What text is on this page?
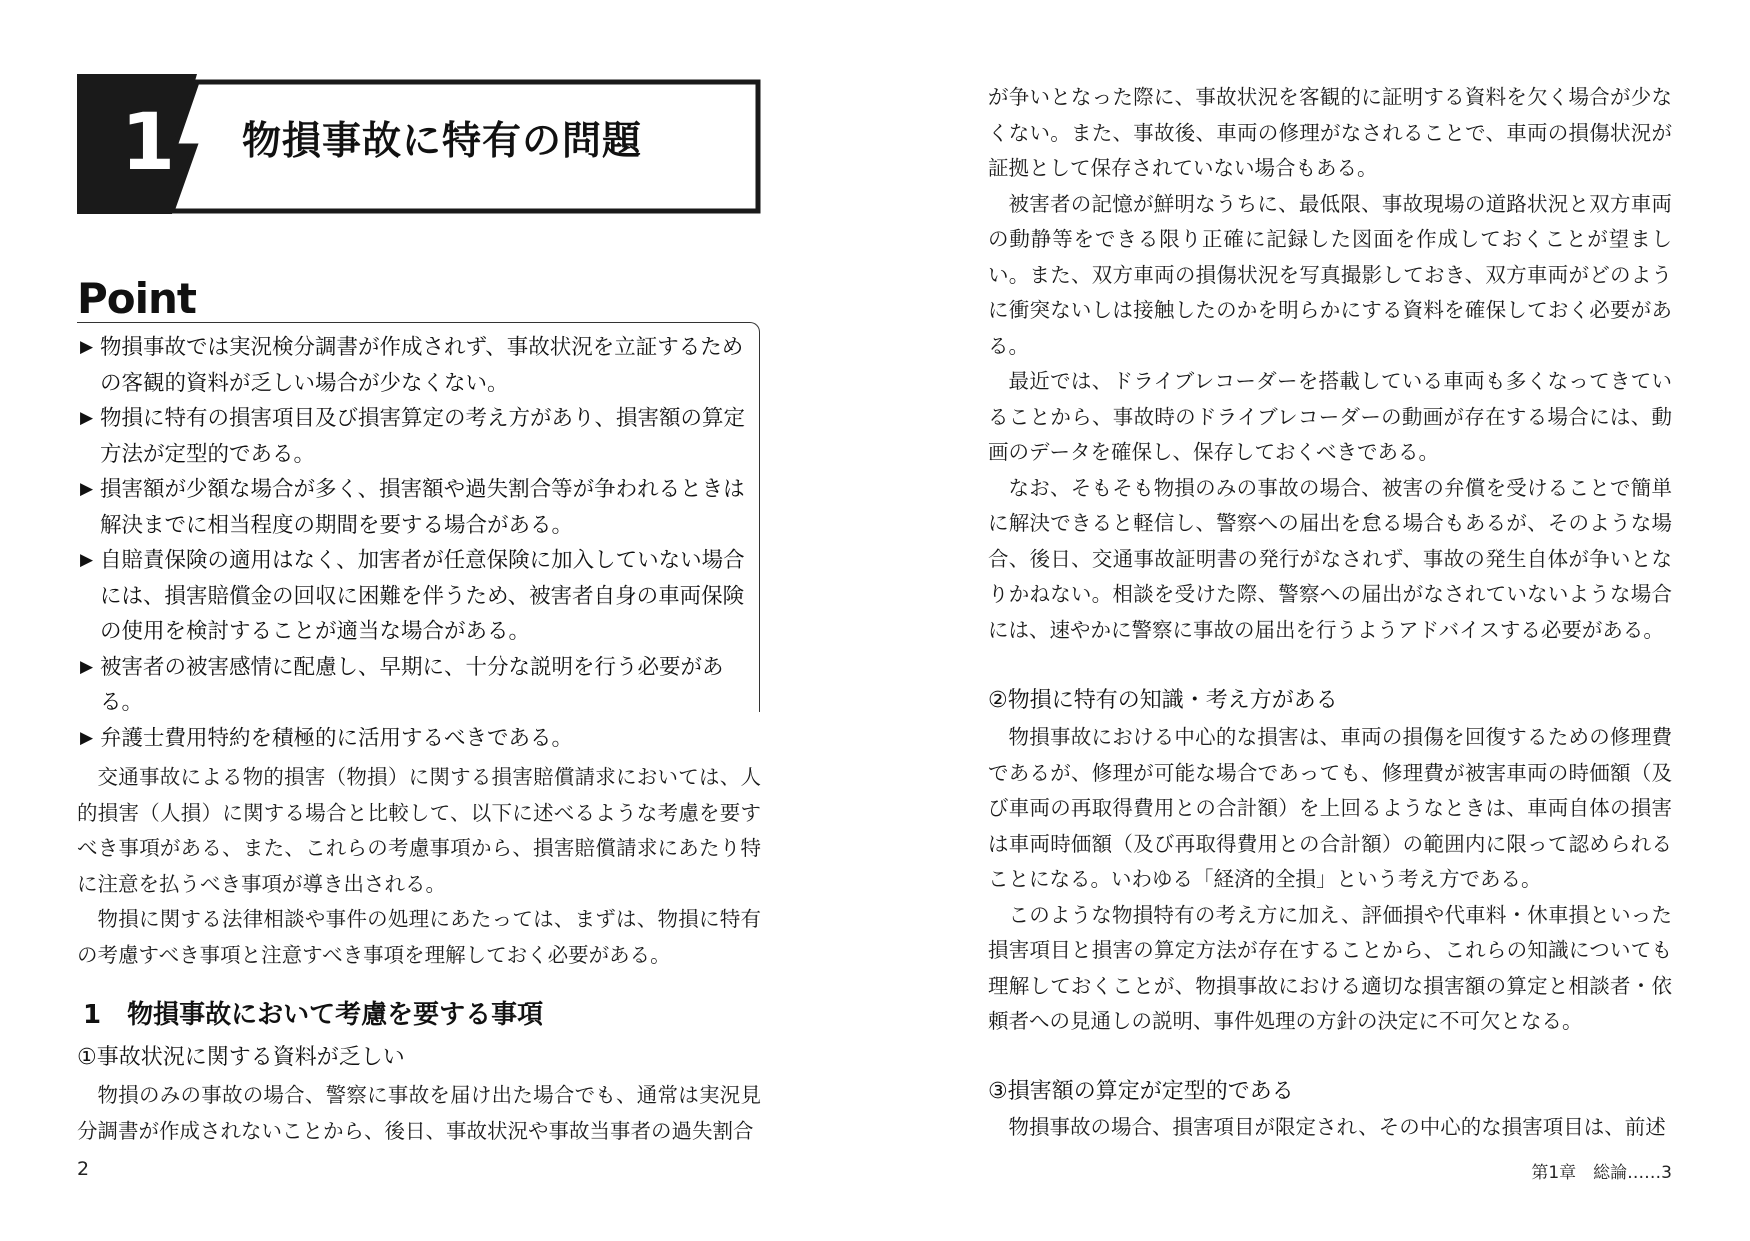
1	物損事故に特有の問題
Point
▶ 物損事故では実況検分調書が作成されず、事故状況を立証するための客観的資料が乏しい場合が少なくない。
▶ 物損に特有の損害項目及び損害算定の考え方があり、損害額の算定方法が定型的である。
▶ 損害額が少額な場合が多く、損害額や過失割合等が争われるときは解決までに相当程度の期間を要する場合がある。
▶ 自賠責保険の適用はなく、加害者が任意保険に加入していない場合には、損害賠償金の回収に困難を伴うため、被害者自身の車両保険の使用を検討することが適当な場合がある。
▶ 被害者の被害感情に配慮し、早期に、十分な説明を行う必要がある。
▶ 弁護士費用特約を積極的に活用するべきである。

交通事故による物的損害（物損）に関する損害賠償請求においては、人的損害（人損）に関する場合と比較して、以下に述べるような考慮を要すべき事項がある、また、これらの考慮事項から、損害賠償請求にあたり特に注意を払うべき事項が導き出される。

物損に関する法律相談や事件の処理にあたっては、まずは、物損に特有の考慮すべき事項と注意すべき事項を理解しておく必要がある。

1　物損事故において考慮を要する事項
①事故状況に関する資料が乏しい

物損のみの事故の場合、警察に事故を届け出た場合でも、通常は実況見分調書が作成されないことから、後日、事故状況や事故当事者の過失割合

2

が争いとなった際に、事故状況を客観的に証明する資料を欠く場合が少なくない。また、事故後、車両の修理がなされることで、車両の損傷状況が証拠として保存されていない場合もある。

被害者の記憶が鮮明なうちに、最低限、事故現場の道路状況と双方車両の動静等をできる限り正確に記録した図面を作成しておくことが望ましい。また、双方車両の損傷状況を写真撮影しておき、双方車両がどのように衝突ないしは接触したのかを明らかにする資料を確保しておく必要がある。

最近では、ドライブレコーダーを搭載している車両も多くなってきていることから、事故時のドライブレコーダーの動画が存在する場合には、動画のデータを確保し、保存しておくべきである。

なお、そもそも物損のみの事故の場合、被害の弁償を受けることで簡単に解決できると軽信し、警察への届出を怠る場合もあるが、そのような場合、後日、交通事故証明書の発行がなされず、事故の発生自体が争いとなりかねない。相談を受けた際、警察への届出がなされていないような場合には、速やかに警察に事故の届出を行うようアドバイスする必要がある。

②物損に特有の知識・考え方がある

物損事故における中心的な損害は、車両の損傷を回復するための修理費であるが、修理が可能な場合であっても、修理費が被害車両の時価額（及び車両の再取得費用との合計額）を上回るようなときは、車両自体の損害は車両時価額（及び再取得費用との合計額）の範囲内に限って認められることになる。いわゆる「経済的全損」という考え方である。

このような物損特有の考え方に加え、評価損や代車料・休車損といった損害項目と損害の算定方法が存在することから、これらの知識についても理解しておくことが、物損事故における適切な損害額の算定と相談者・依頼者への見通しの説明、事件処理の方針の決定に不可欠となる。

③損害額の算定が定型的である

物損事故の場合、損害項目が限定され、その中心的な損害項目は、前述

第1章　総論……3
